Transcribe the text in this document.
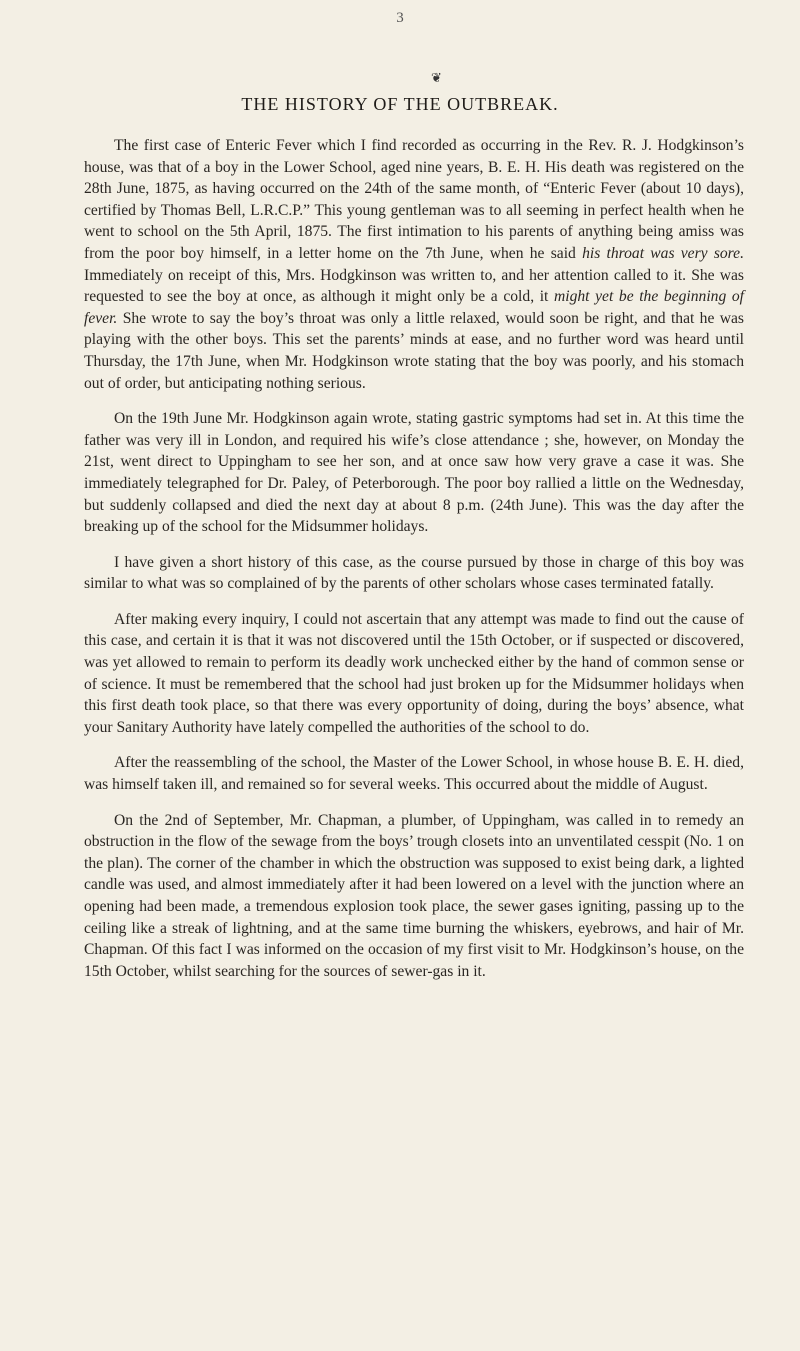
3
❦
THE HISTORY OF THE OUTBREAK.

The first case of Enteric Fever which I find recorded as occurring in the Rev. R. J. Hodgkinson’s house, was that of a boy in the Lower School, aged nine years, B. E. H. His death was registered on the 28th June, 1875, as having occurred on the 24th of the same month, of “Enteric Fever (about 10 days), certified by Thomas Bell, L.R.C.P.” This young gentleman was to all seeming in perfect health when he went to school on the 5th April, 1875. The first intimation to his parents of anything being amiss was from the poor boy himself, in a letter home on the 7th June, when he said his throat was very sore. Immediately on receipt of this, Mrs. Hodgkinson was written to, and her attention called to it. She was requested to see the boy at once, as although it might only be a cold, it might yet be the beginning of fever. She wrote to say the boy’s throat was only a little relaxed, would soon be right, and that he was playing with the other boys. This set the parents’ minds at ease, and no further word was heard until Thursday, the 17th June, when Mr. Hodgkinson wrote stating that the boy was poorly, and his stomach out of order, but anticipating nothing serious.

On the 19th June Mr. Hodgkinson again wrote, stating gastric symptoms had set in. At this time the father was very ill in London, and required his wife’s close attendance ; she, however, on Monday the 21st, went direct to Uppingham to see her son, and at once saw how very grave a case it was. She immediately telegraphed for Dr. Paley, of Peterborough. The poor boy rallied a little on the Wednesday, but suddenly collapsed and died the next day at about 8 p.m. (24th June). This was the day after the breaking up of the school for the Midsummer holidays.

I have given a short history of this case, as the course pursued by those in charge of this boy was similar to what was so complained of by the parents of other scholars whose cases terminated fatally.

After making every inquiry, I could not ascertain that any attempt was made to find out the cause of this case, and certain it is that it was not discovered until the 15th October, or if suspected or discovered, was yet allowed to remain to perform its deadly work unchecked either by the hand of common sense or of science. It must be remembered that the school had just broken up for the Midsummer holidays when this first death took place, so that there was every opportunity of doing, during the boys’ absence, what your Sanitary Authority have lately compelled the authorities of the school to do.

After the reassembling of the school, the Master of the Lower School, in whose house B. E. H. died, was himself taken ill, and remained so for several weeks. This occurred about the middle of August.

On the 2nd of September, Mr. Chapman, a plumber, of Uppingham, was called in to remedy an obstruction in the flow of the sewage from the boys’ trough closets into an unventilated cesspit (No. 1 on the plan). The corner of the chamber in which the obstruction was supposed to exist being dark, a lighted candle was used, and almost immediately after it had been lowered on a level with the junction where an opening had been made, a tremendous explosion took place, the sewer gases igniting, passing up to the ceiling like a streak of lightning, and at the same time burning the whiskers, eyebrows, and hair of Mr. Chapman. Of this fact I was informed on the occasion of my first visit to Mr. Hodgkinson’s house, on the 15th October, whilst searching for the sources of sewer-gas in it.
